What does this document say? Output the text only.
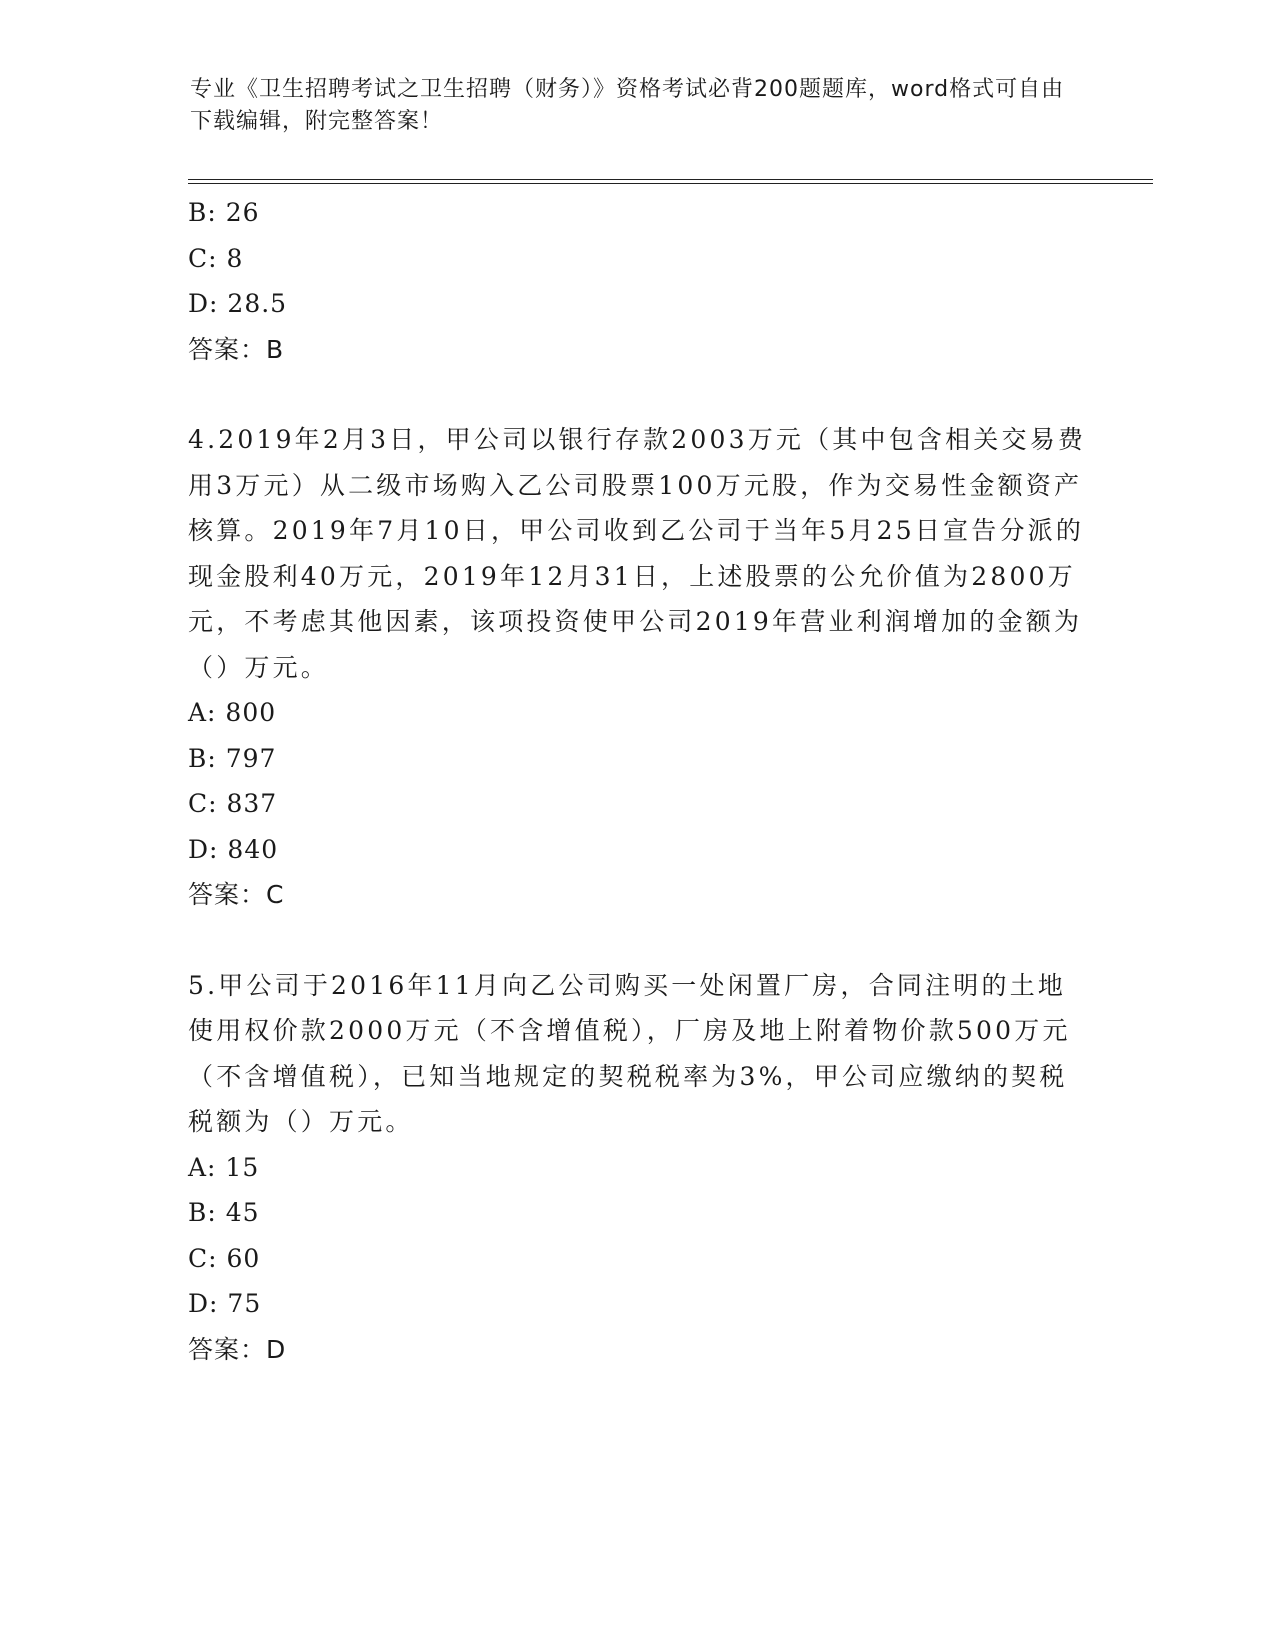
专业《卫生招聘考试之卫生招聘（财务）》资格考试必背200题题库，word格式可自由下载编辑，附完整答案！
B: 26
C: 8
D: 28.5
答案：B
4.2019年2月3日，甲公司以银行存款2003万元（其中包含相关交易费用3万元）从二级市场购入乙公司股票100万元股，作为交易性金额资产核算。2019年7月10日，甲公司收到乙公司于当年5月25日宣告分派的现金股利40万元，2019年12月31日，上述股票的公允价值为2800万元，不考虑其他因素，该项投资使甲公司2019年营业利润增加的金额为（）万元。
A: 800
B: 797
C: 837
D: 840
答案：C
5.甲公司于2016年11月向乙公司购买一处闲置厂房，合同注明的土地使用权价款2000万元（不含增值税），厂房及地上附着物价款500万元（不含增值税），已知当地规定的契税税率为3%，甲公司应缴纳的契税税额为（）万元。
A: 15
B: 45
C: 60
D: 75
答案：D
